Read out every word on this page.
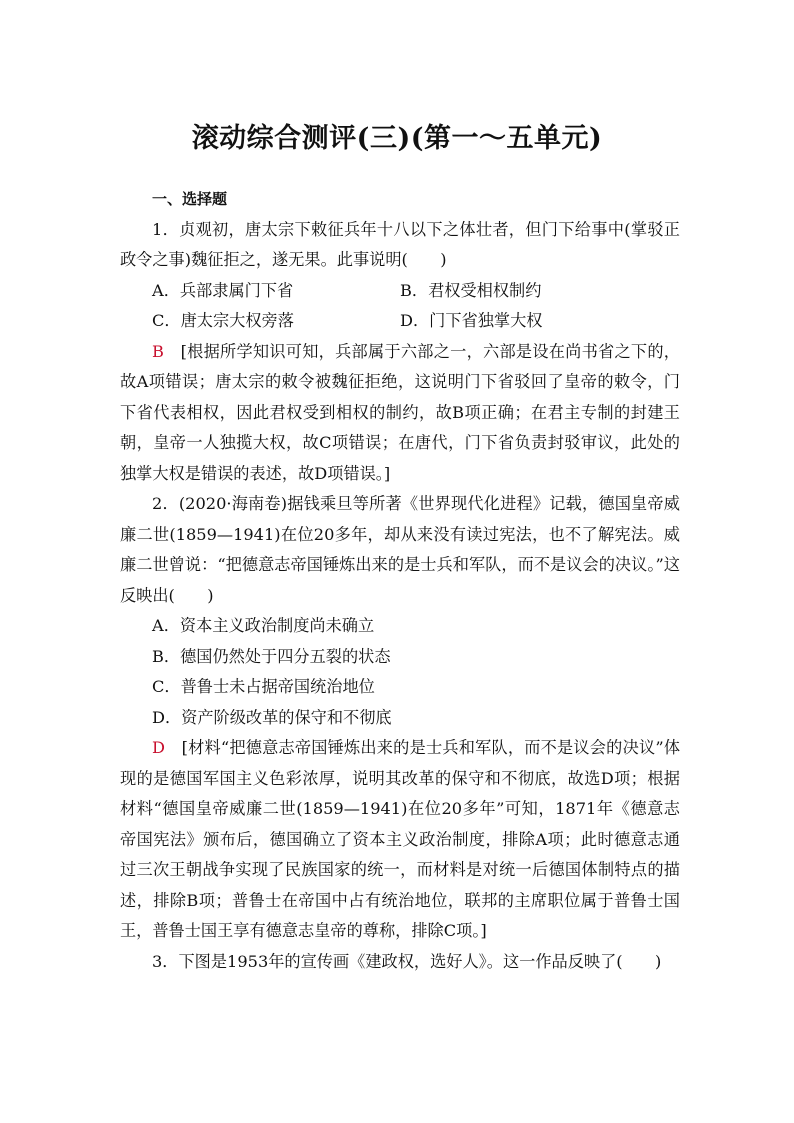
滚动综合测评(三)(第一～五单元)

一、选择题

1．贞观初，唐太宗下敕征兵年十八以下之体壮者，但门下给事中(掌驳正政令之事)魏征拒之，遂无果。此事说明(　　)

A．兵部隶属门下省	B．君权受相权制约
C．唐太宗大权旁落	D．门下省独掌大权

B　 [根据所学知识可知，兵部属于六部之一，六部是设在尚书省之下的，故A项错误；唐太宗的敕令被魏征拒绝，这说明门下省驳回了皇帝的敕令，门下省代表相权，因此君权受到相权的制约，故B项正确；在君主专制的封建王朝，皇帝一人独揽大权，故C项错误；在唐代，门下省负责封驳审议，此处的独掌大权是错误的表述，故D项错误。]

2．(2020·海南卷)据钱乘旦等所著《世界现代化进程》记载，德国皇帝威廉二世(1859—1941)在位20多年，却从来没有读过宪法，也不了解宪法。威廉二世曾说：“把德意志帝国锤炼出来的是士兵和军队，而不是议会的决议。”这反映出(　　)

A．资本主义政治制度尚未确立

B．德国仍然处于四分五裂的状态

C．普鲁士未占据帝国统治地位

D．资产阶级改革的保守和不彻底

D　 [材料“把德意志帝国锤炼出来的是士兵和军队，而不是议会的决议”体现的是德国军国主义色彩浓厚，说明其改革的保守和不彻底，故选D项；根据材料“德国皇帝威廉二世(1859—1941)在位20多年”可知，1871年《德意志帝国宪法》颁布后，德国确立了资本主义政治制度，排除A项；此时德意志通过三次王朝战争实现了民族国家的统一，而材料是对统一后德国体制特点的描述，排除B项；普鲁士在帝国中占有统治地位，联邦的主席职位属于普鲁士国王，普鲁士国王享有德意志皇帝的尊称，排除C项。]

3．下图是1953年的宣传画《建政权，选好人》。这一作品反映了(　　)
